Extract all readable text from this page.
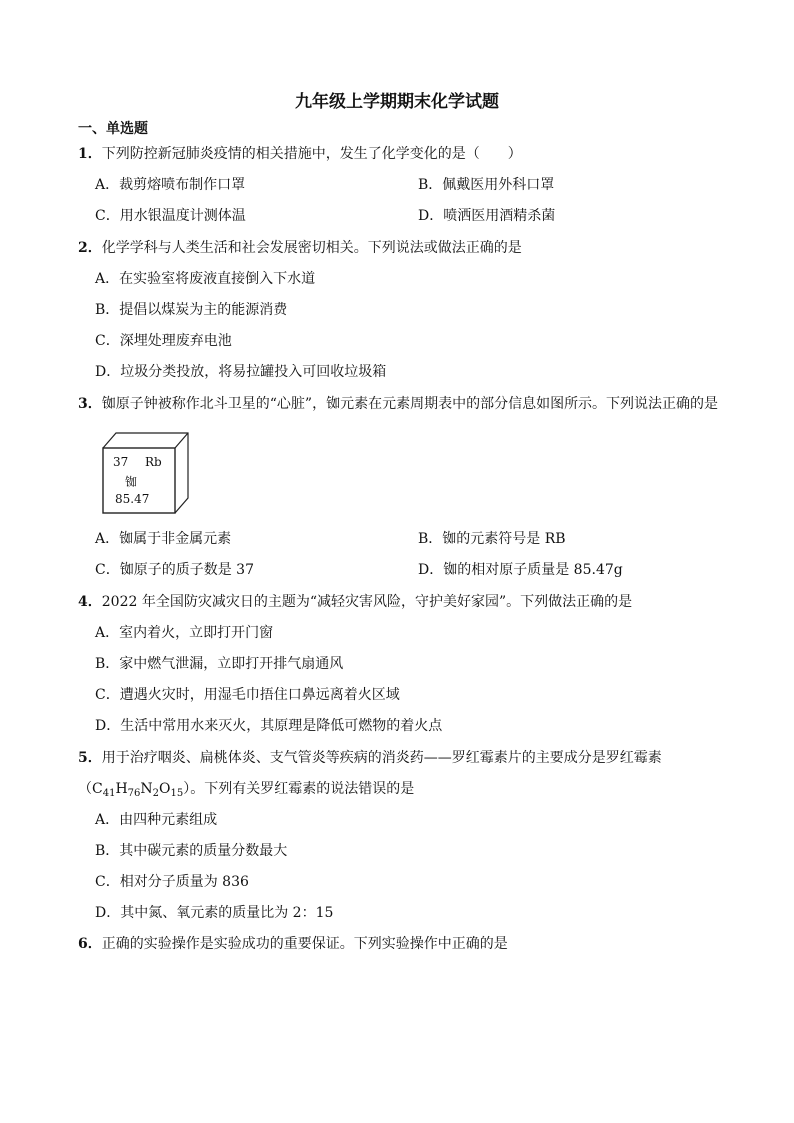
九年级上学期期末化学试题
一、单选题
1．下列防控新冠肺炎疫情的相关措施中，发生了化学变化的是（　　）
A．裁剪熔喷布制作口罩	B．佩戴医用外科口罩
C．用水银温度计测体温	D．喷洒医用酒精杀菌
2．化学学科与人类生活和社会发展密切相关。下列说法或做法正确的是
A．在实验室将废液直接倒入下水道
B．提倡以煤炭为主的能源消费
C．深埋处理废弃电池
D．垃圾分类投放，将易拉罐投入可回收垃圾箱
3．铷原子钟被称作北斗卫星的“心脏”，铷元素在元素周期表中的部分信息如图所示。下列说法正确的是
37 Rb
铷
85.47
A．铷属于非金属元素	B．铷的元素符号是 RB
C．铷原子的质子数是 37	D．铷的相对原子质量是 85.47g
4．2022 年全国防灾减灾日的主题为“减轻灾害风险，守护美好家园”。下列做法正确的是
A．室内着火，立即打开门窗
B．家中燃气泄漏，立即打开排气扇通风
C．遭遇火灾时，用湿毛巾捂住口鼻远离着火区域
D．生活中常用水来灭火，其原理是降低可燃物的着火点
5．用于治疗咽炎、扁桃体炎、支气管炎等疾病的消炎药——罗红霉素片的主要成分是罗红霉素
$(C_{41}H_{76}N_2O_{15})$。下列有关罗红霉素的说法错误的是
A．由四种元素组成
B．其中碳元素的质量分数最大
C．相对分子质量为 836
D．其中氮、氧元素的质量比为 2：15
6．正确的实验操作是实验成功的重要保证。下列实验操作中正确的是
